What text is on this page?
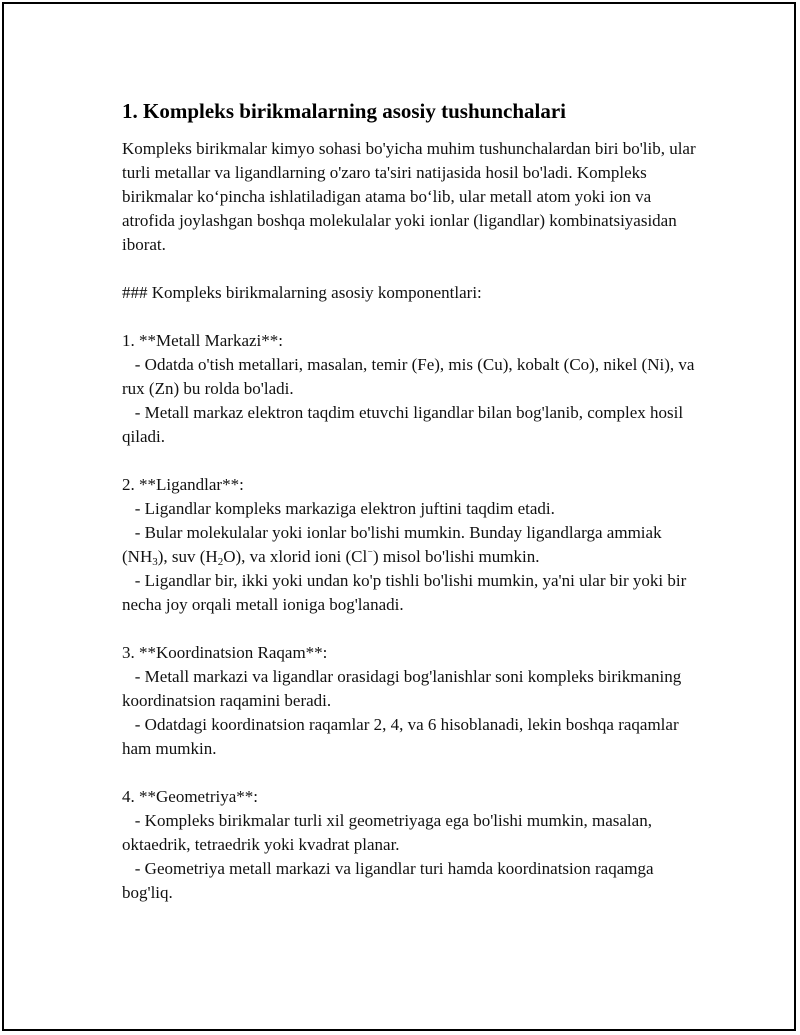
1. Kompleks birikmalarning asosiy tushunchalari

Kompleks birikmalar kimyo sohasi bo'yicha muhim tushunchalardan biri bo'lib, ular turli metallar va ligandlarning o'zaro ta'siri natijasida hosil bo'ladi. Kompleks birikmalar ko‘pincha ishlatiladigan atama bo‘lib, ular metall atom yoki ion va atrofida joylashgan boshqa molekulalar yoki ionlar (ligandlar) kombinatsiyasidan iborat.

### Kompleks birikmalarning asosiy komponentlari:

1. **Metall Markazi**:

- Odatda o'tish metallari, masalan, temir (Fe), mis (Cu), kobalt (Co), nikel (Ni), va rux (Zn) bu rolda bo'ladi.

- Metall markaz elektron taqdim etuvchi ligandlar bilan bog'lanib, complex hosil qiladi.

2. **Ligandlar**:

- Ligandlar kompleks markaziga elektron juftini taqdim etadi.

- Bular molekulalar yoki ionlar bo'lishi mumkin. Bunday ligandlarga ammiak $(NH_3)$, suv $(H_2O)$, va xlorid ioni (Cl⁻) misol bo'lishi mumkin.

- Ligandlar bir, ikki yoki undan ko'p tishli bo'lishi mumkin, ya'ni ular bir yoki bir necha joy orqali metall ioniga bog'lanadi.

3. **Koordinatsion Raqam**:

- Metall markazi va ligandlar orasidagi bog'lanishlar soni kompleks birikmaning koordinatsion raqamini beradi.

- Odatdagi koordinatsion raqamlar 2, 4, va 6 hisoblanadi, lekin boshqa raqamlar ham mumkin.

4. **Geometriya**:

- Kompleks birikmalar turli xil geometriyaga ega bo'lishi mumkin, masalan, oktaedrik, tetraedrik yoki kvadrat planar.

- Geometriya metall markazi va ligandlar turi hamda koordinatsion raqamga bog'liq.
